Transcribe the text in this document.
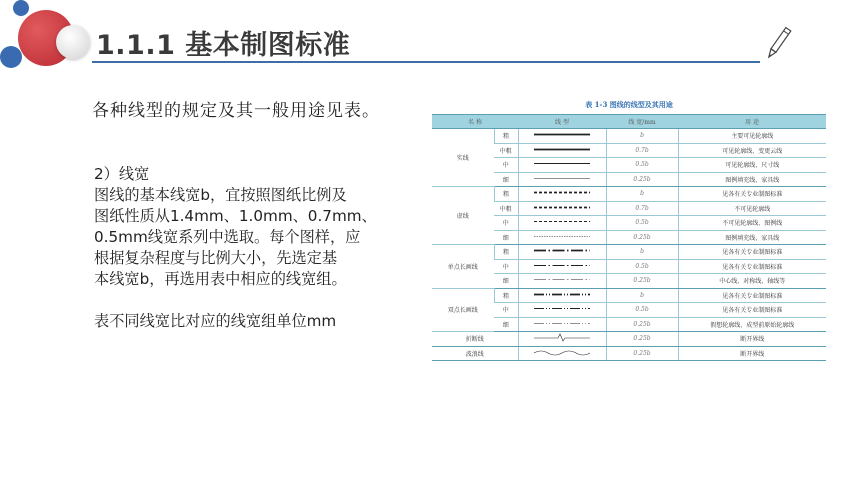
1.1.1 基本制图标准
各种线型的规定及其一般用途见表。

2）线宽

图线的基本线宽b，宜按照图纸比例及

图纸性质从1.4mm、1.0mm、0.7mm、

0.5mm线宽系列中选取。每个图样，应

根据复杂程度与比例大小，先选定基

本线宽b，再选用表中相应的线宽组。

表不同线宽比对应的线宽组单位mm

表 1-3 图线的线型及其用途
名 称		线 型	线 宽/mm	用 途
实线	粗		b	主要可见轮廓线
	中粗		0.7b	可见轮廓线、变更云线
	中		0.5b	可见轮廓线、尺寸线
	细		0.25b	图例填充线、家具线
虚线	粗		b	见各有关专业制图标准
	中粗		0.7b	不可见轮廓线
	中		0.5b	不可见轮廓线、图例线
	细		0.25b	图例填充线、家具线
单点长画线	粗		b	见各有关专业制图标准
	中		0.5b	见各有关专业制图标准
	细		0.25b	中心线、对称线、轴线等
双点长画线	粗		b	见各有关专业制图标准
	中		0.5b	见各有关专业制图标准
	细		0.25b	假想轮廓线、成型前原始轮廓线
折断线			0.25b	断开界线
波浪线			0.25b	断开界线
